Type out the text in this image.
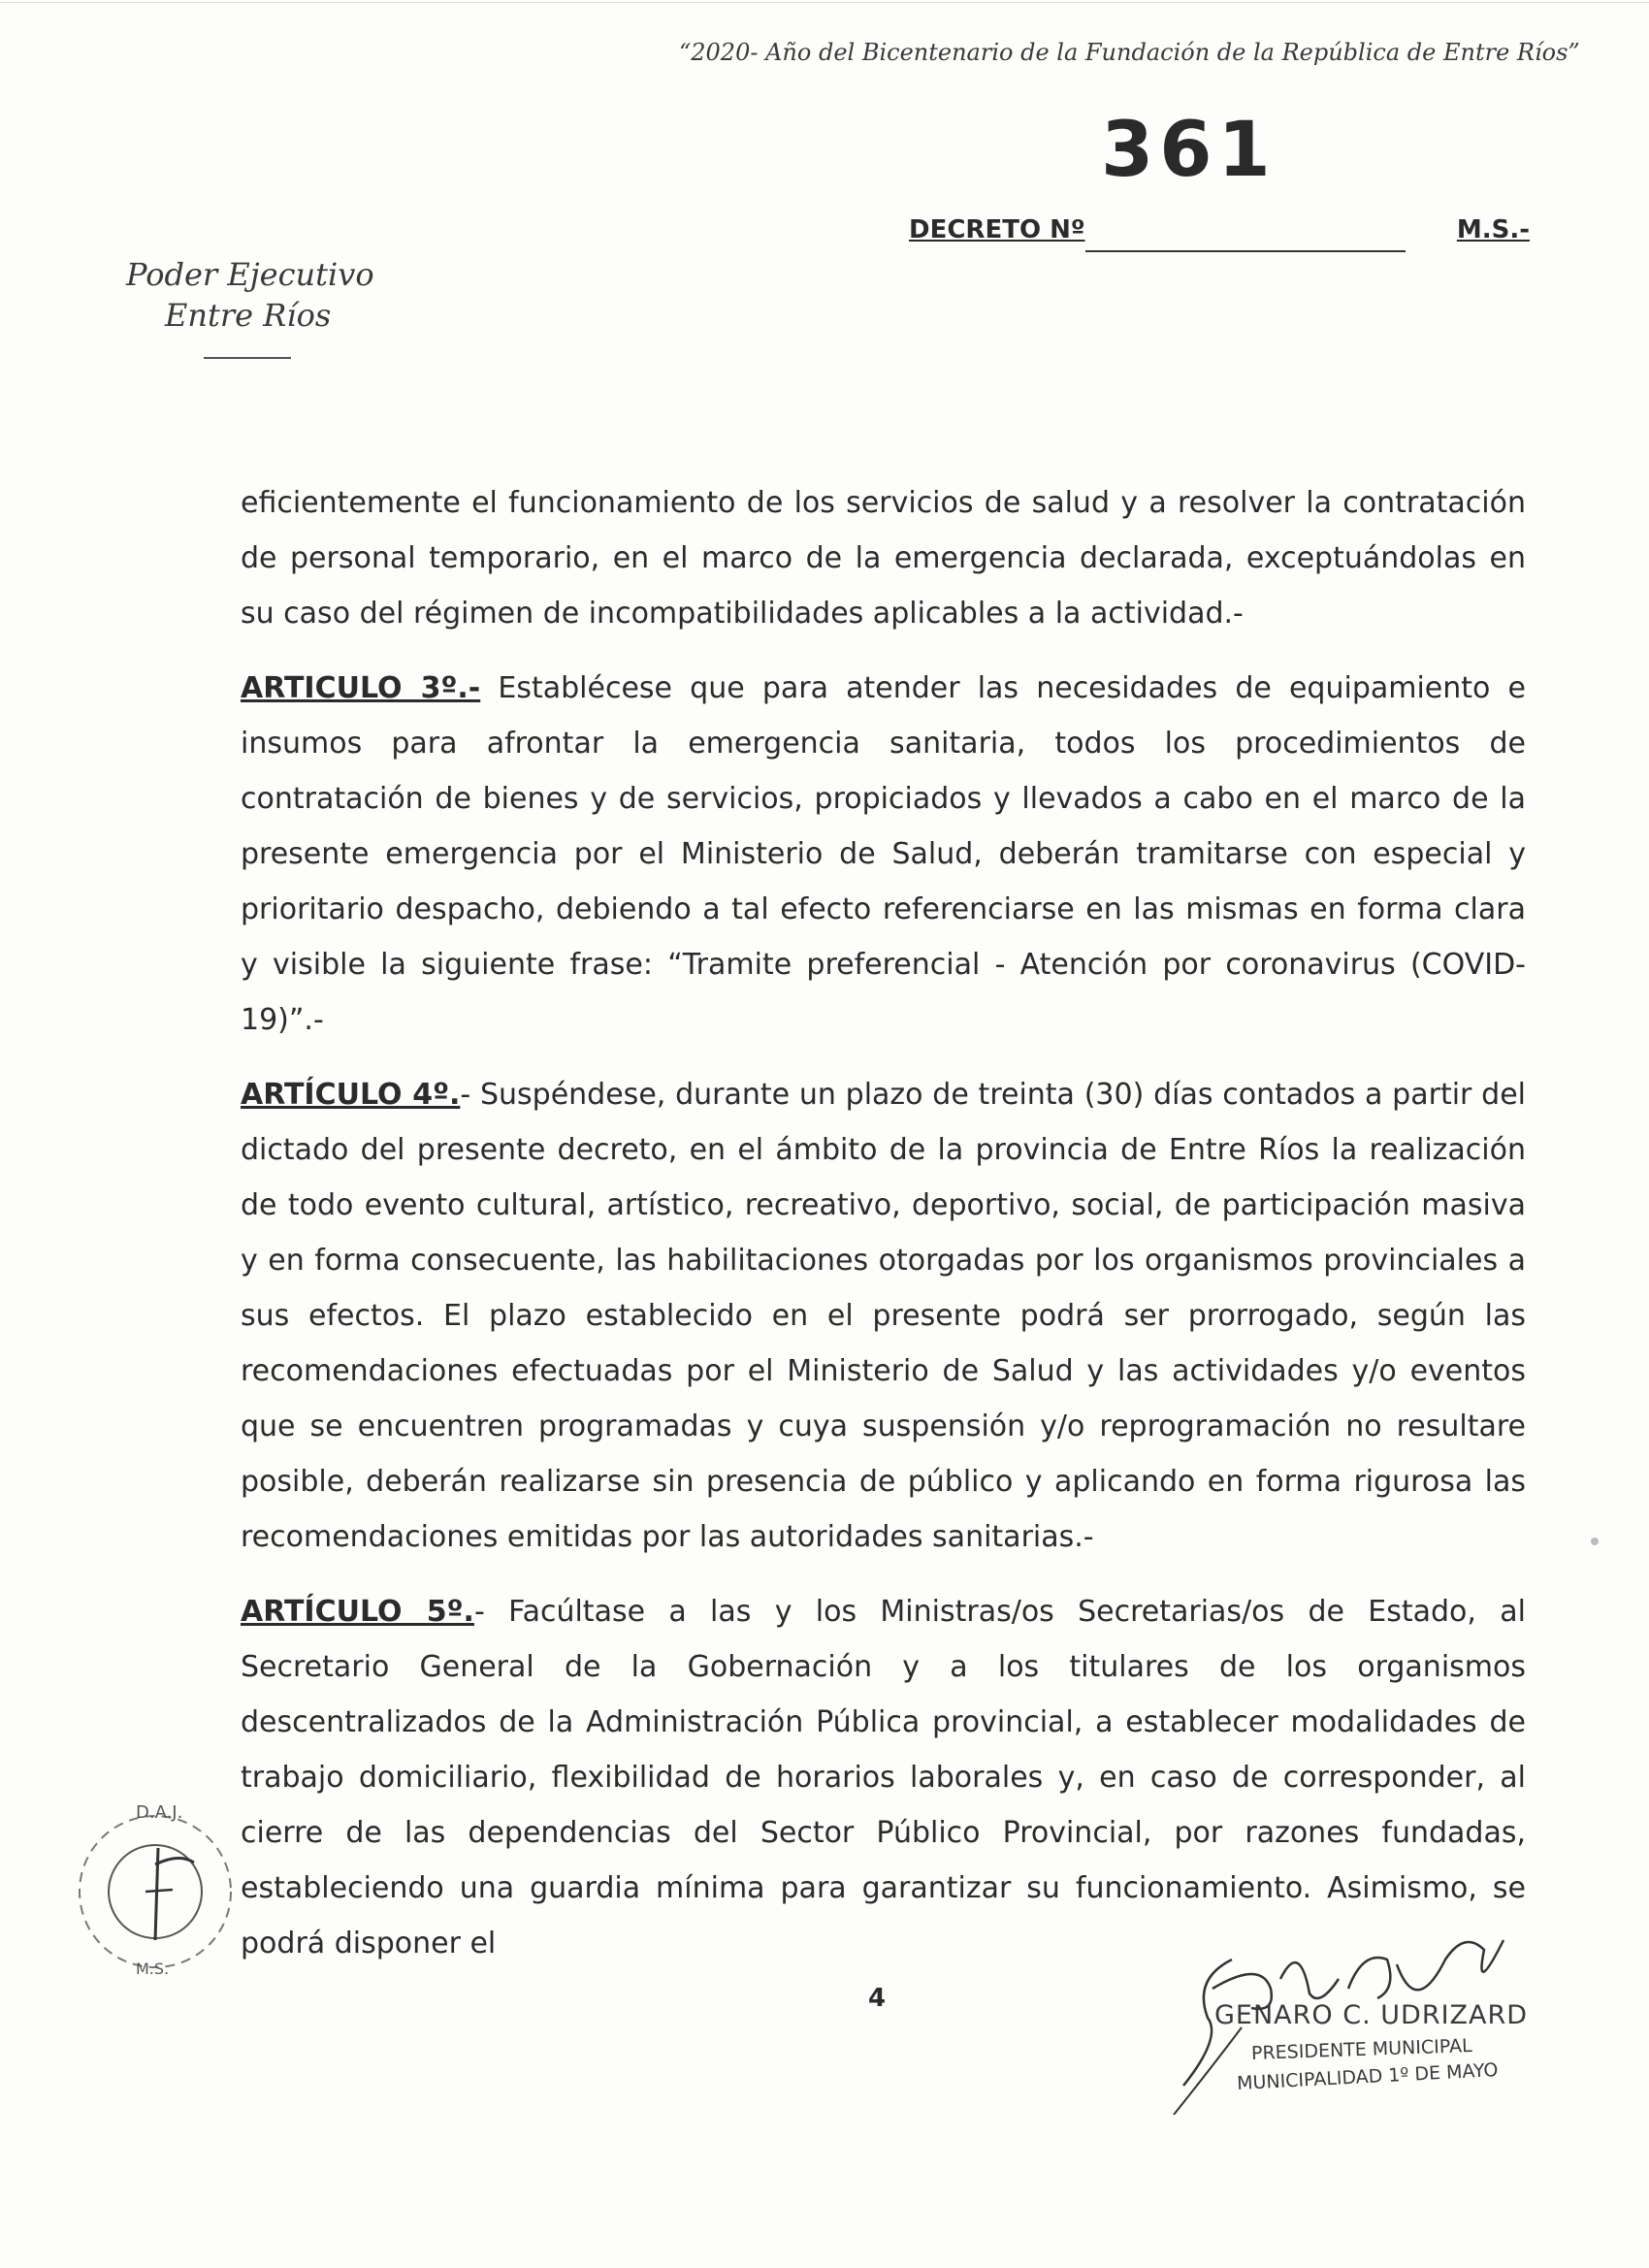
“2020- Año del Bicentenario de la Fundación de la República de Entre Ríos”
361
DECRETO Nº	M.S.-
Poder Ejecutivo
Entre Ríos

eficientemente el funcionamiento de los servicios de salud y a resolver la contratación de personal temporario, en el marco de la emergencia declarada, exceptuándolas en su caso del régimen de incompatibilidades aplicables a la actividad.-

ARTICULO 3º.- Establécese que para atender las necesidades de equipamiento e insumos para afrontar la emergencia sanitaria, todos los procedimientos de contratación de bienes y de servicios, propiciados y llevados a cabo en el marco de la presente emergencia por el Ministerio de Salud, deberán tramitarse con especial y prioritario despacho, debiendo a tal efecto referenciarse en las mismas en forma clara y visible la siguiente frase: “Tramite preferencial - Atención por coronavirus (COVID-19)”.-

ARTÍCULO 4º.- Suspéndese, durante un plazo de treinta (30) días contados a partir del dictado del presente decreto, en el ámbito de la provincia de Entre Ríos la realización de todo evento cultural, artístico, recreativo, deportivo, social, de participación masiva y en forma consecuente, las habilitaciones otorgadas por los organismos provinciales a sus efectos. El plazo establecido en el presente podrá ser prorrogado, según las recomendaciones efectuadas por el Ministerio de Salud y las actividades y/o eventos que se encuentren programadas y cuya suspensión y/o reprogramación no resultare posible, deberán realizarse sin presencia de público y aplicando en forma rigurosa las recomendaciones emitidas por las autoridades sanitarias.-

ARTÍCULO 5º.- Facúltase a las y los Ministras/os Secretarias/os de Estado, al Secretario General de la Gobernación y a los titulares de los organismos descentralizados de la Administración Pública provincial, a establecer modalidades de trabajo domiciliario, flexibilidad de horarios laborales y, en caso de corresponder, al cierre de las dependencias del Sector Público Provincial, por razones fundadas, estableciendo una guardia mínima para garantizar su funcionamiento. Asimismo, se podrá disponer el

D.A.J.
M.S.
4
GENARO C. UDRIZARD
PRESIDENTE MUNICIPAL
MUNICIPALIDAD 1º DE MAYO
